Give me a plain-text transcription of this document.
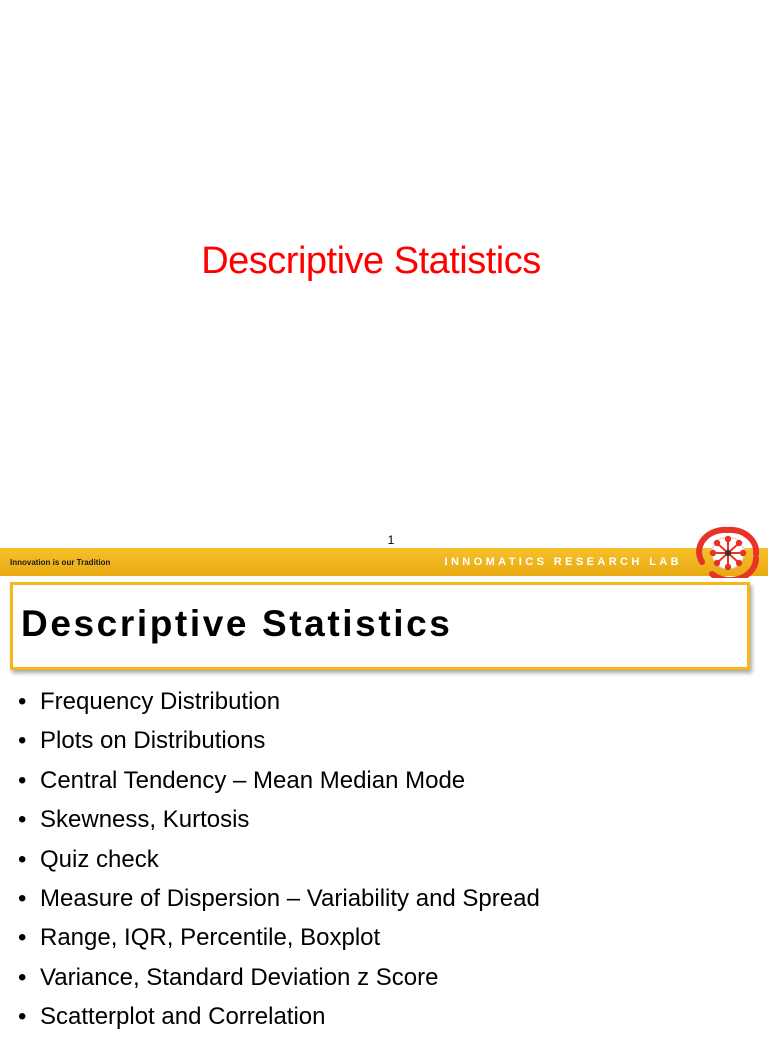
Descriptive Statistics
1
Innovation is our Tradition	INNOMATICS RESEARCH LAB
Descriptive Statistics
• Frequency Distribution
• Plots on Distributions
• Central Tendency – Mean Median Mode
• Skewness, Kurtosis
• Quiz check
• Measure of Dispersion – Variability and Spread
• Range, IQR, Percentile, Boxplot
• Variance, Standard Deviation z Score
• Scatterplot and Correlation
